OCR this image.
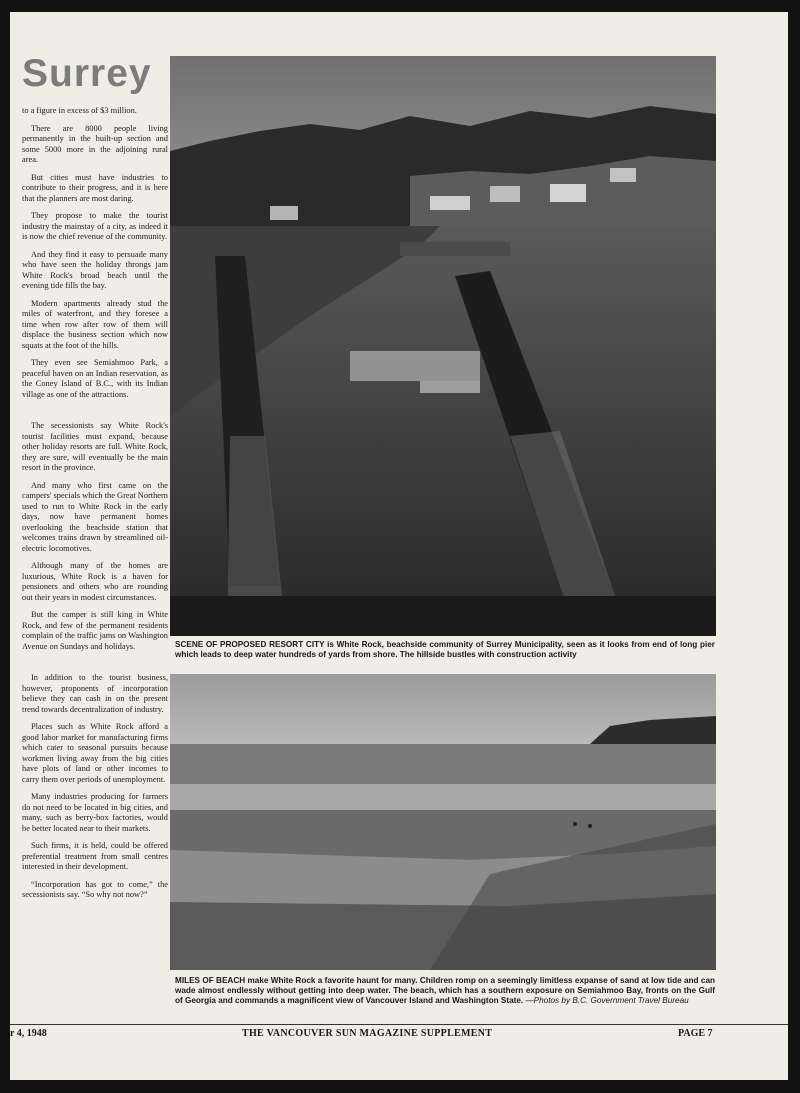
Surrey

to a figure in excess of $3 million.

There are 8000 people living permanently in the built-up section and some 5000 more in the adjoining rural area.

But cities must have industries to contribute to their progress, and it is here that the planners are most daring.

They propose to make the tourist industry the mainstay of a city, as indeed it is now the chief revenue of the community.

And they find it easy to persuade many who have seen the holiday throngs jam White Rock's broad beach until the evening tide fills the bay.

Modern apartments already stud the miles of waterfront, and they foresee a time when row after row of them will displace the business section which now squats at the foot of the hills.

They even see Semiahmoo Park, a peaceful haven on an Indian reservation, as the Coney Island of B.C., with its Indian village as one of the attractions.

The secessionists say White Rock's tourist facilities must expand, because other holiday resorts are full. White Rock, they are sure, will eventually be the main resort in the province.

And many who first came on the campers' specials which the Great Northern used to run to White Rock in the early days, now have permanent homes overlooking the beachside station that welcomes trains drawn by streamlined oil-electric locomotives.

Although many of the homes are luxurious, White Rock is a haven for pensioners and others who are rounding out their years in modest circumstances.

But the camper is still king in White Rock, and few of the permanent residents complain of the traffic jams on Washington Avenue on Sundays and holidays.

In addition to the tourist business, however, proponents of incorporation believe they can cash in on the present trend towards decentralization of industry.

Places such as White Rock afford a good labor market for manufacturing firms which cater to seasonal pursuits because workmen living away from the big cities have plots of land or other incomes to carry them over periods of unemployment.

Many industries producing for farmers do not need to be located in big cities, and many, such as berry-box factories, would be better located near to their markets.

Such firms, it is held, could be offered preferential treatment from small centres interested in their development.

“Incorporation has got to come,” the secessionists say. “So why not now?”

SCENE OF PROPOSED RESORT CITY is White Rock, beachside community of Surrey Municipality, seen as it looks from end of long pier which leads to deep water hundreds of yards from shore. The hillside bustles with construction activity
MILES OF BEACH make White Rock a favorite haunt for many. Children romp on a seemingly limitless expanse of sand at low tide and can wade almost endlessly without getting into deep water. The beach, which has a southern exposure on Semiahmoo Bay, fronts on the Gulf of Georgia and commands a magnificent view of Vancouver Island and Washington State. —Photos by B.C. Government Travel Bureau
r 4, 1948	THE VANCOUVER SUN MAGAZINE SUPPLEMENT	PAGE 7
